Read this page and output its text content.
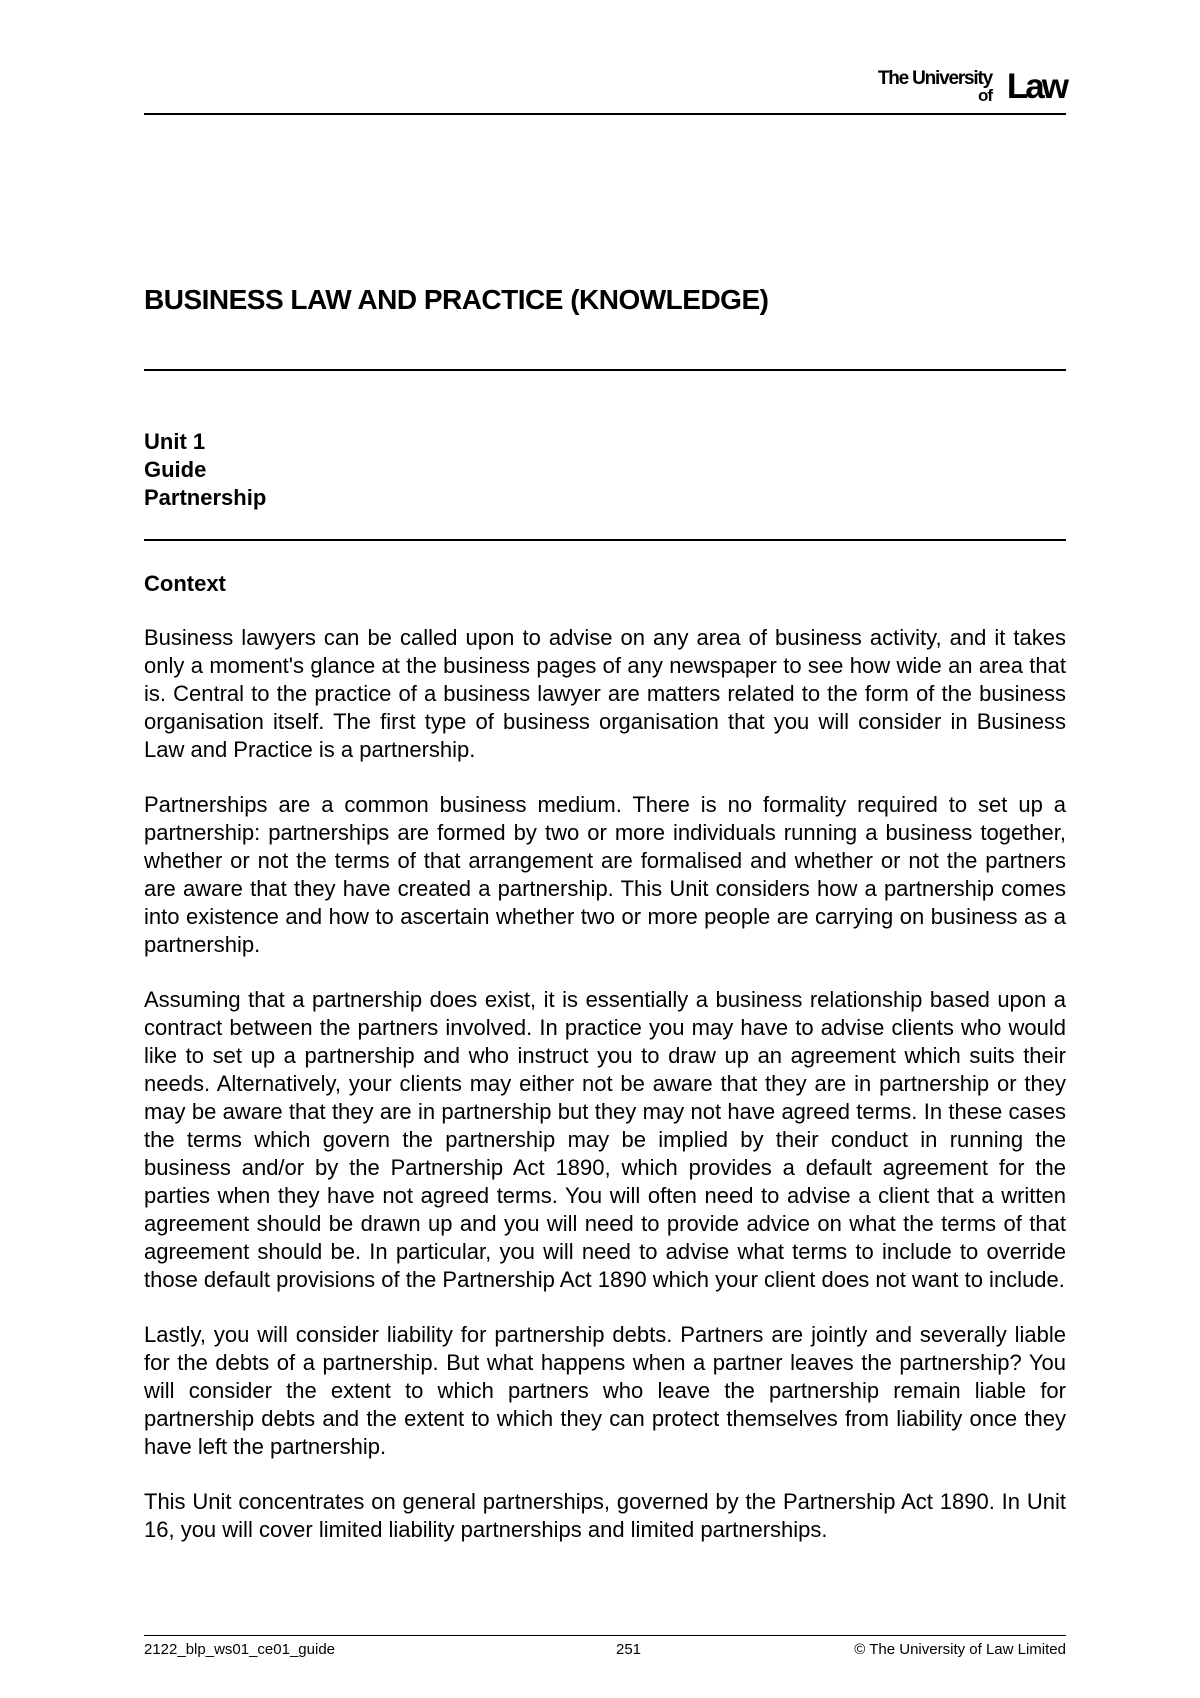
The University
of Law
BUSINESS LAW AND PRACTICE (KNOWLEDGE)
Unit 1
Guide
Partnership
Context

Business lawyers can be called upon to advise on any area of business activity, and it takes only a moment's glance at the business pages of any newspaper to see how wide an area that is. Central to the practice of a business lawyer are matters related to the form of the business organisation itself. The first type of business organisation that you will consider in Business Law and Practice is a partnership.

Partnerships are a common business medium. There is no formality required to set up a partnership: partnerships are formed by two or more individuals running a business together, whether or not the terms of that arrangement are formalised and whether or not the partners are aware that they have created a partnership. This Unit considers how a partnership comes into existence and how to ascertain whether two or more people are carrying on business as a partnership.

Assuming that a partnership does exist, it is essentially a business relationship based upon a contract between the partners involved. In practice you may have to advise clients who would like to set up a partnership and who instruct you to draw up an agreement which suits their needs. Alternatively, your clients may either not be aware that they are in partnership or they may be aware that they are in partnership but they may not have agreed terms. In these cases the terms which govern the partnership may be implied by their conduct in running the business and/or by the Partnership Act 1890, which provides a default agreement for the parties when they have not agreed terms. You will often need to advise a client that a written agreement should be drawn up and you will need to provide advice on what the terms of that agreement should be. In particular, you will need to advise what terms to include to override those default provisions of the Partnership Act 1890 which your client does not want to include.

Lastly, you will consider liability for partnership debts. Partners are jointly and severally liable for the debts of a partnership. But what happens when a partner leaves the partnership? You will consider the extent to which partners who leave the partnership remain liable for partnership debts and the extent to which they can protect themselves from liability once they have left the partnership.

This Unit concentrates on general partnerships, governed by the Partnership Act 1890. In Unit 16, you will cover limited liability partnerships and limited partnerships.

2122_blp_ws01_ce01_guide	251	© The University of Law Limited
